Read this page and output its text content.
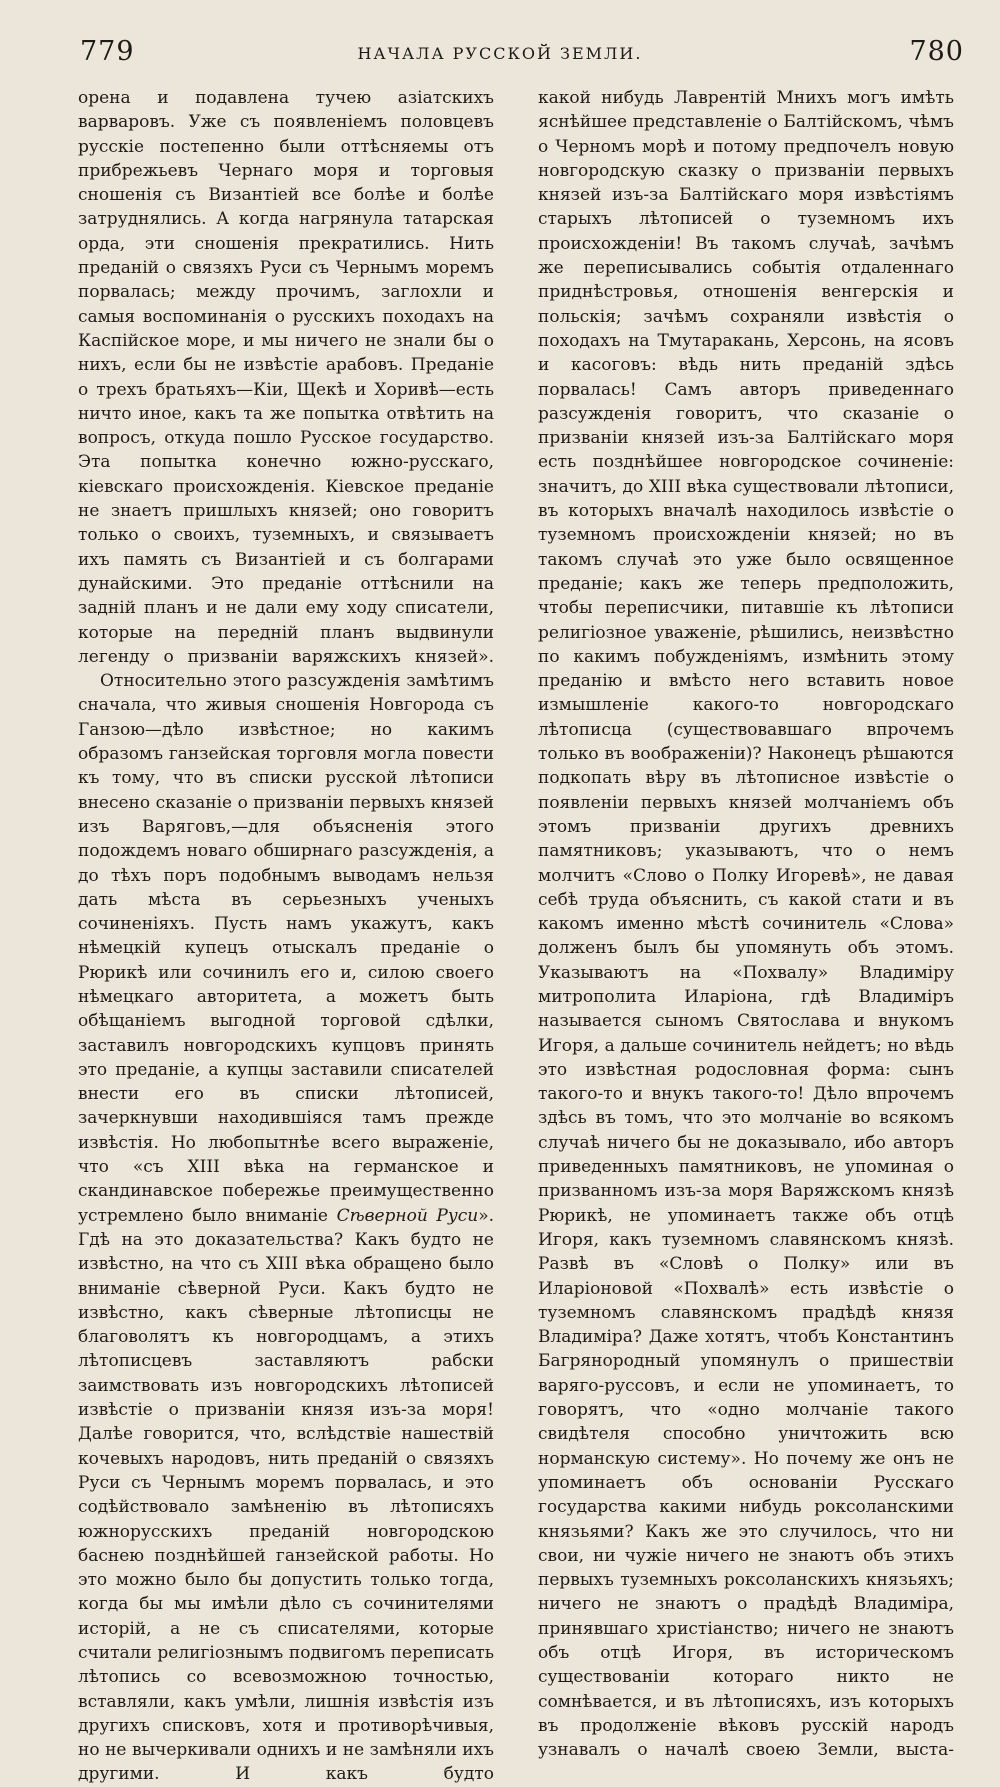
779	НАЧАЛА РУССКОЙ ЗЕМЛИ.	780

орена и подавлена тучею азіатскихъ варваровъ. Уже съ появленіемъ половцевъ русскіе постепенно были оттѣсняемы отъ прибрежьевъ Чернаго моря и торговыя сношенія съ Византіей все болѣе и болѣе затруднялись. А когда нагрянула татарская орда, эти сношенія прекратились. Нить преданій о связяхъ Руси съ Чернымъ моремъ порвалась; между прочимъ, заглохли и самыя воспоминанія о русскихъ походахъ на Каспійское море, и мы ничего не знали бы о нихъ, если бы не извѣстіе арабовъ. Преданіе о трехъ братьяхъ—Кіи, Щекѣ и Хоривѣ—есть ничто иное, какъ та же попытка отвѣтить на вопросъ, откуда пошло Русское государство. Эта попытка конечно южно-русскаго, кіевскаго происхожденія. Кіевское преданіе не знаетъ пришлыхъ князей; оно говоритъ только о своихъ, туземныхъ, и связываетъ ихъ память съ Византіей и съ болгарами дунайскими. Это преданіе оттѣснили на задній планъ и не дали ему ходу списатели, которые на передній планъ выдвинули легенду о призваніи варяжскихъ князей».

Относительно этого разсужденія замѣтимъ сначала, что живыя сношенія Новгорода съ Ганзою—дѣло извѣстное; но какимъ образомъ ганзейская торговля могла повести къ тому, что въ списки русской лѣтописи внесено сказаніе о призваніи первыхъ князей изъ Варяговъ,—для объясненія этого подождемъ новаго обширнаго разсужденія, а до тѣхъ поръ подобнымъ выводамъ нельзя дать мѣста въ серьезныхъ ученыхъ сочиненіяхъ. Пусть намъ укажутъ, какъ нѣмецкій купецъ отыскалъ преданіе о Рюрикѣ или сочинилъ его и, силою своего нѣмецкаго авторитета, а можетъ быть обѣщаніемъ выгодной торговой сдѣлки, заставилъ новгородскихъ купцовъ принять это преданіе, а купцы заставили списателей внести его въ списки лѣтописей, зачеркнувши находившіяся тамъ прежде извѣстія. Но любопытнѣе всего выраженіе, что «съ XIII вѣка на германское и скандинавское побережье преимущественно устремлено было вниманіе Сѣверной Руси». Гдѣ на это доказательства? Какъ будто не извѣстно, на что съ XIII вѣка обращено было вниманіе сѣверной Руси. Какъ будто не извѣстно, какъ сѣверные лѣтописцы не благоволятъ къ новгородцамъ, а этихъ лѣтописцевъ заставляютъ рабски заимствовать изъ новгородскихъ лѣтописей извѣстіе о призваніи князя изъ-за моря! Далѣе говорится, что, вслѣдствіе нашествій кочевыхъ народовъ, нить преданій о связяхъ Руси съ Чернымъ моремъ порвалась, и это содѣйствовало замѣненію въ лѣтописяхъ южнорусскихъ преданій новгородскою баснею позднѣйшей ганзейской работы. Но это можно было бы допустить только тогда, когда бы мы имѣли дѣло съ сочинителями исторій, а не съ списателями, которые считали религіознымъ подвигомъ переписать лѣтопись со всевозможною точностью, вставляли, какъ умѣли, лишнія извѣстія изъ другихъ списковъ, хотя и противорѣчивыя, но не вычеркивали одниxъ и не замѣняли ихъ другими. И какъ будто

какой нибудь Лаврентій Мнихъ могъ имѣть яснѣйшее представленіе о Балтійскомъ, чѣмъ о Черномъ морѣ и потому предпочелъ новую новгородскую сказку о призваніи первыхъ князей изъ-за Балтійскаго моря извѣстіямъ старыхъ лѣтописей о туземномъ ихъ происхожденіи! Въ такомъ случаѣ, зачѣмъ же переписывались событія отдаленнаго приднѣстровья, отношенія венгерскія и польскія; зачѣмъ сохраняли извѣстія о походахъ на Тмутаракань, Херсонь, на ясовъ и касоговъ: вѣдь нить преданій здѣсь порвалась! Самъ авторъ приведеннаго разсужденія говоритъ, что сказаніе о призваніи князей изъ-за Балтійскаго моря есть позднѣйшее новгородское сочиненіе: значитъ, до XIII вѣка существовали лѣтописи, въ которыхъ вначалѣ находилось извѣстіе о туземномъ происхожденіи князей; но въ такомъ случаѣ это уже было освященное преданіе; какъ же теперь предположить, чтобы переписчики, питавшіе къ лѣтописи религіозное уваженіе, рѣшились, неизвѣстно по какимъ побужденіямъ, измѣнить этому преданію и вмѣсто него вставить новое измышленіе какого-то новгородскаго лѣтописца (существовавшаго впрочемъ только въ воображеніи)? Наконецъ рѣшаются подкопать вѣру въ лѣтописное извѣстіе о появленіи первыхъ князей молчаніемъ объ этомъ призваніи другихъ древнихъ памятниковъ; указываютъ, что о немъ молчитъ «Слово о Полку Игоревѣ», не давая себѣ труда объяснить, съ какой стати и въ какомъ именно мѣстѣ сочинитель «Слова» долженъ былъ бы упомянуть объ этомъ. Указываютъ на «Похвалу» Владиміру митрополита Иларіона, гдѣ Владиміръ называется сыномъ Святослава и внукомъ Игоря, а дальше сочинитель нейдетъ; но вѣдь это извѣстная родословная форма: сынъ такого-то и внукъ такого-то! Дѣло впрочемъ здѣсь въ томъ, что это молчаніе во всякомъ случаѣ ничего бы не доказывало, ибо авторъ приведенныхъ памятниковъ, не упоминая о призванномъ изъ-за моря Варяжскомъ князѣ Рюрикѣ, не упоминаетъ также объ отцѣ Игоря, какъ туземномъ славянскомъ князѣ. Развѣ въ «Словѣ о Полку» или въ Иларіоновой «Похвалѣ» есть извѣстіе о туземномъ славянскомъ прадѣдѣ князя Владиміра? Даже хотятъ, чтобъ Константинъ Багрянородный упомянулъ о пришествіи варяго-руссовъ, и если не упоминаетъ, то говорятъ, что «одно молчаніе такого свидѣтеля способно уничтожить всю норманскую систему». Но почему же онъ не упоминаетъ объ основаніи Русскаго государства какими нибудь роксоланскими князьями? Какъ же это случилось, что ни свои, ни чужіе ничего не знаютъ объ этихъ первыхъ туземныхъ роксоланскихъ князьяхъ; ничего не знаютъ о прадѣдѣ Владиміра, принявшаго христіанство; ничего не знаютъ объ отцѣ Игоря, въ историческомъ существованіи котораго никто не сомнѣвается, и въ лѣтописяхъ, изъ которыхъ въ продолженіе вѣковъ русскій народъ узнавалъ о началѣ своею Земли, выста-
